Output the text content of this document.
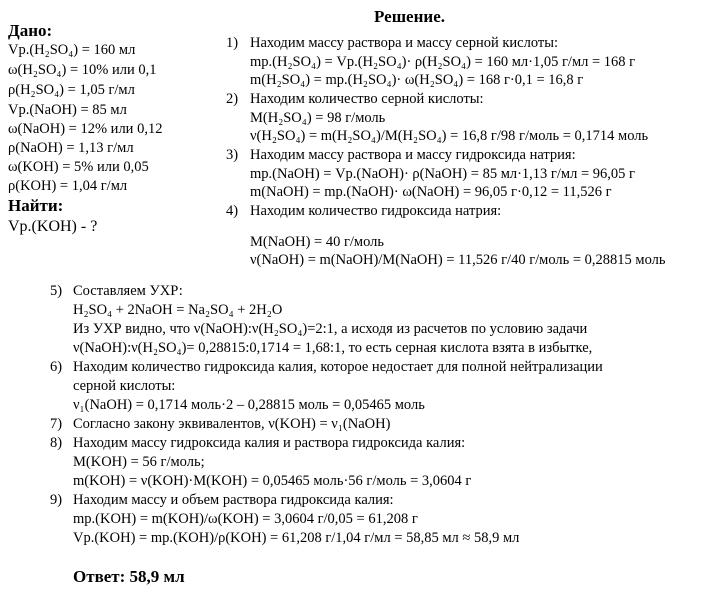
Дано:
Vр.(H₂SO₄) = 160 мл
ω(H₂SO₄) = 10% или 0,1
ρ(H₂SO₄) = 1,05 г/мл
Vр.(NaOH) = 85 мл
ω(NaOH) = 12% или 0,12
ρ(NaOH) = 1,13 г/мл
ω(KOH) = 5% или 0,05
ρ(KOH) = 1,04 г/мл
Найти:
Vр.(KOH) - ?
Решение.
1) Находим массу раствора и массу серной кислоты:
mр.(H₂SO₄) = Vр.(H₂SO₄)· ρ(H₂SO₄) = 160 мл·1,05 г/мл = 168 г
m(H₂SO₄) = mр.(H₂SO₄)· ω(H₂SO₄) = 168 г·0,1 = 16,8 г
2) Находим количество серной кислоты:
M(H₂SO₄) = 98 г/моль
ν(H₂SO₄) = m(H₂SO₄)/M(H₂SO₄) = 16,8 г/98 г/моль = 0,1714 моль
3) Находим массу раствора и массу гидроксида натрия:
mр.(NaOH) = Vр.(NaOH)· ρ(NaOH) = 85 мл·1,13 г/мл = 96,05 г
m(NaOH) = mр.(NaOH)· ω(NaOH) = 96,05 г·0,12 = 11,526 г
4) Находим количество гидроксида натрия:
M(NaOH) = 40 г/моль
ν(NaOH) = m(NaOH)/M(NaOH) = 11,526 г/40 г/моль = 0,28815 моль
5) Составляем УХР:
H₂SO₄ + 2NaOH = Na₂SO₄ + 2H₂O
Из УХР видно, что ν(NaOH):ν(H₂SO₄)=2:1, а исходя из расчетов по условию задачи
ν(NaOH):ν(H₂SO₄)= 0,28815:0,1714 = 1,68:1, то есть серная кислота взята в избытке,
6) Находим количество гидроксида калия, которое недостает для полной нейтрализации
серной кислоты:
ν₁(NaOH) = 0,1714 моль·2 – 0,28815 моль = 0,05465 моль
7) Согласно закону эквивалентов, ν(KOH) = ν₁(NaOH)
8) Находим массу гидроксида калия и раствора гидроксида калия:
M(KOH) = 56 г/моль;
m(KOH) = ν(KOH)·M(KOH) = 0,05465 моль·56 г/моль = 3,0604 г
9) Находим массу и объем раствора гидроксида калия:
mр.(KOH) = m(KOH)/ω(KOH) = 3,0604 г/0,05 = 61,208 г
Vр.(KOH) = mр.(KOH)/ρ(KOH) = 61,208 г/1,04 г/мл = 58,85 мл ≈ 58,9 мл
Ответ: 58,9 мл
